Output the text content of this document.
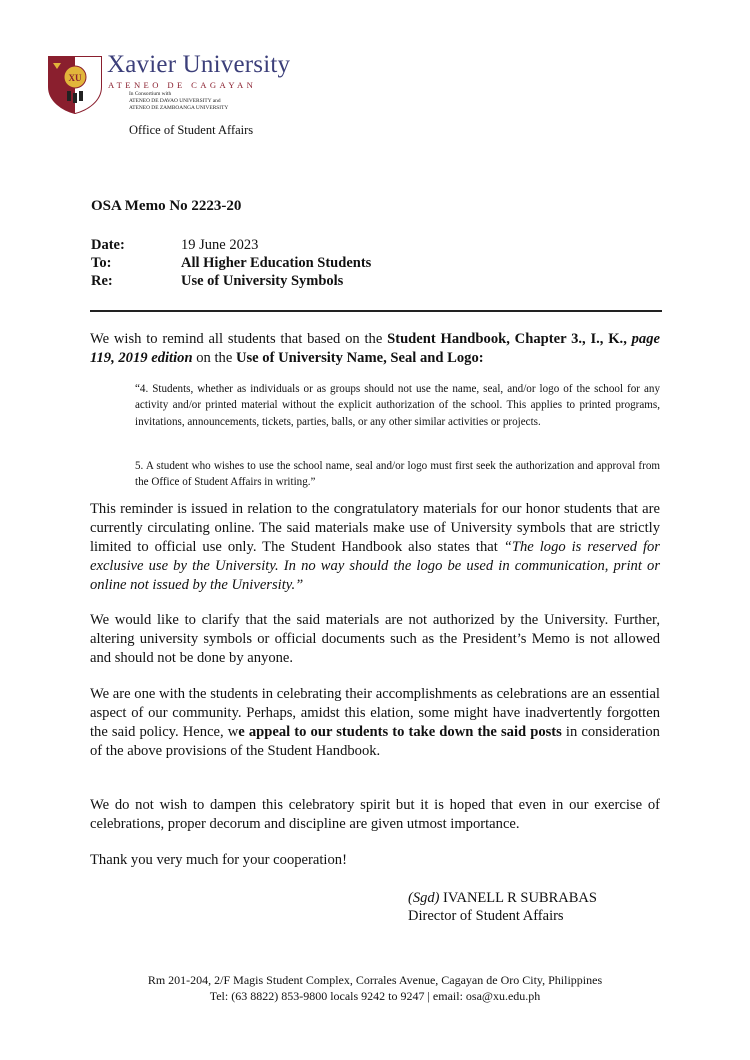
XU Xavier University
ATENEO DE CAGAYAN
In Consortium with
ATENEO DE DAVAO UNIVERSITY and
ATENEO DE ZAMBOANGA UNIVERSITY
Office of Student Affairs
OSA Memo No 2223-20
Date:	19 June 2023
To:	All Higher Education Students
Re:	Use of University Symbols
We wish to remind all students that based on the Student Handbook, Chapter 3., I., K., page 119, 2019 edition on the Use of University Name, Seal and Logo:
“4. Students, whether as individuals or as groups should not use the name, seal, and/or logo of the school for any activity and/or printed material without the explicit authorization of the school. This applies to printed programs, invitations, announcements, tickets, parties, balls, or any other similar activities or projects.
5. A student who wishes to use the school name, seal and/or logo must first seek the authorization and approval from the Office of Student Affairs in writing.”
This reminder is issued in relation to the congratulatory materials for our honor students that are currently circulating online. The said materials make use of University symbols that are strictly limited to official use only. The Student Handbook also states that “The logo is reserved for exclusive use by the University. In no way should the logo be used in communication, print or online not issued by the University.”
We would like to clarify that the said materials are not authorized by the University. Further, altering university symbols or official documents such as the President’s Memo is not allowed and should not be done by anyone.
We are one with the students in celebrating their accomplishments as celebrations are an essential aspect of our community. Perhaps, amidst this elation, some might have inadvertently forgotten the said policy. Hence, we appeal to our students to take down the said posts in consideration of the above provisions of the Student Handbook.
We do not wish to dampen this celebratory spirit but it is hoped that even in our exercise of celebrations, proper decorum and discipline are given utmost importance.
Thank you very much for your cooperation!
(Sgd) IVANELL R SUBRABAS
Director of Student Affairs
Rm 201-204, 2/F Magis Student Complex, Corrales Avenue, Cagayan de Oro City, Philippines
Tel: (63 8822) 853-9800 locals 9242 to 9247 | email: osa@xu.edu.ph
